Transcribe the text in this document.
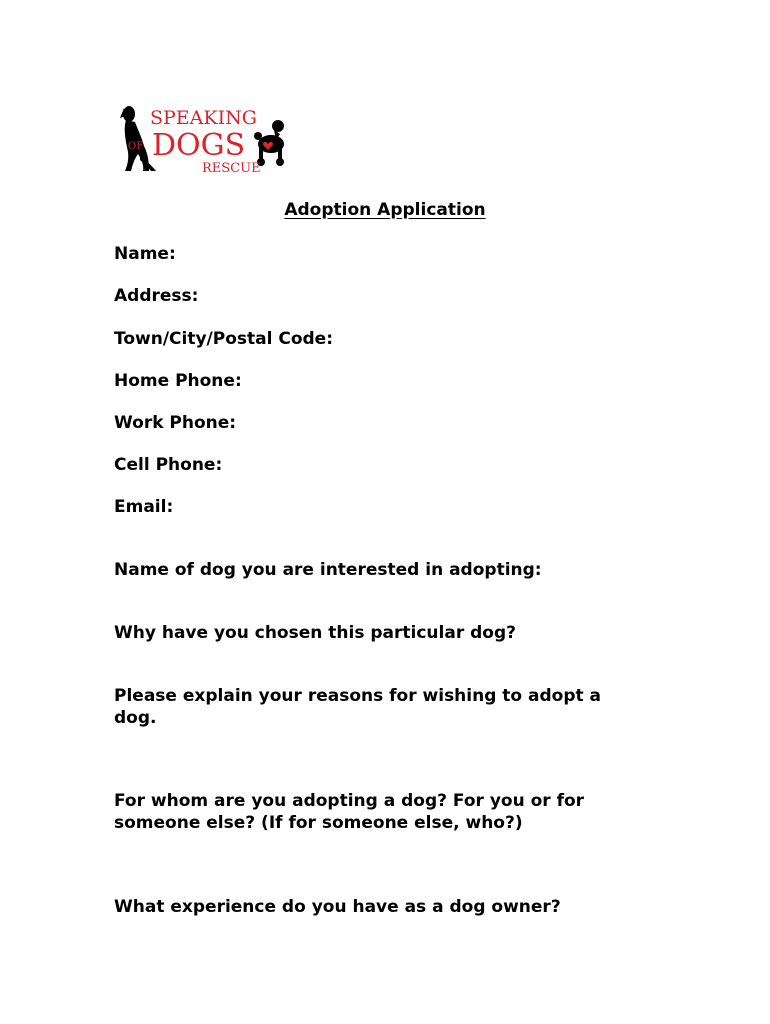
SPEAKING
OF DOGS
RESCUE
Adoption Application
Name:
Address:
Town/City/Postal Code:
Home Phone:
Work Phone:
Cell Phone:
Email:
Name of dog you are interested in adopting:
Why have you chosen this particular dog?
Please explain your reasons for wishing to adopt a dog.
For whom are you adopting a dog? For you or for someone else? (If for someone else, who?)
What experience do you have as a dog owner?
